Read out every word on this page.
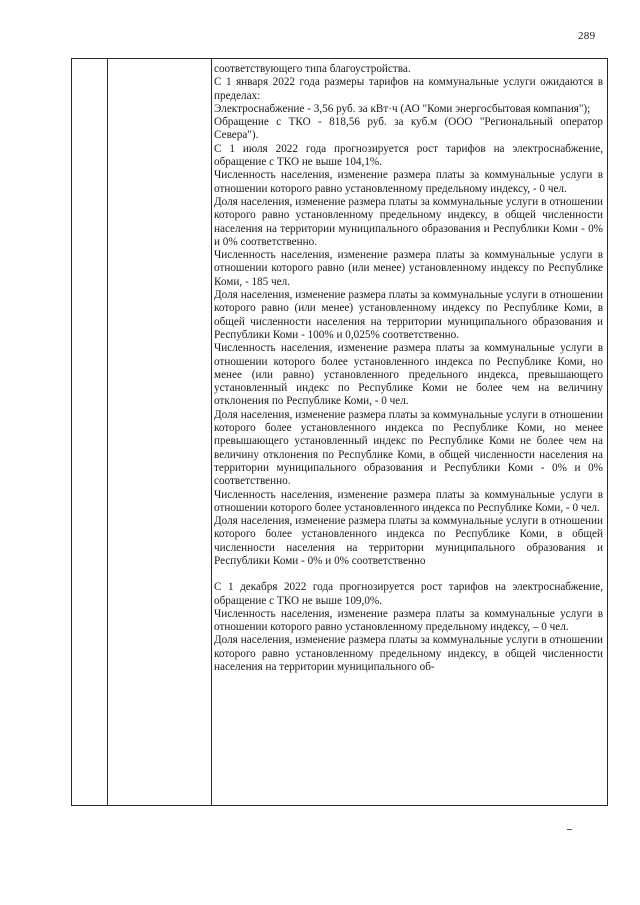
289

соответствующего типа благоустройства.

С 1 января 2022 года размеры тарифов на коммунальные услуги ожидаются в пределах:

Электроснабжение - 3,56 руб. за кВт·ч (АО "Коми энергосбытовая компания");

Обращение с ТКО - 818,56 руб. за куб.м (ООО "Региональный оператор Севера").

С 1 июля 2022 года прогнозируется рост тарифов на электроснабжение, обращение с ТКО не выше 104,1%.

Численность населения, изменение размера платы за коммунальные услуги в отношении которого равно установленному предельному индексу, - 0 чел.

Доля населения, изменение размера платы за коммунальные услуги в отношении которого равно установленному предельному индексу, в общей численности населения на территории муниципального образования и Республики Коми - 0% и 0% соответственно.

Численность населения, изменение размера платы за коммунальные услуги в отношении которого равно (или менее) установленному индексу по Республике Коми, - 185 чел.

Доля населения, изменение размера платы за коммунальные услуги в отношении которого равно (или менее) установленному индексу по Республике Коми, в общей численности населения на территории муниципального образования и Республики Коми - 100% и 0,025% соответственно.

Численность населения, изменение размера платы за коммунальные услуги в отношении которого более установленного индекса по Республике Коми, но менее (или равно) установленного предельного индекса, превышающего установленный индекс по Республике Коми не более чем на величину отклонения по Республике Коми, - 0 чел.

Доля населения, изменение размера платы за коммунальные услуги в отношении которого более установленного индекса по Республике Коми, но менее превышающего установленный индекс по Республике Коми не более чем на величину отклонения по Республике Коми, в общей численности населения на территории муниципального образования и Республики Коми - 0% и 0% соответственно.

Численность населения, изменение размера платы за коммунальные услуги в отношении которого более установленного индекса по Республике Коми, - 0 чел.

Доля населения, изменение размера платы за коммунальные услуги в отношении которого более установленного индекса по Республике Коми, в общей численности населения на территории муниципального образования и Республики Коми - 0% и 0% соответственно

С 1 декабря 2022 года прогнозируется рост тарифов на электроснабжение, обращение с ТКО не выше 109,0%.

Численность населения, изменение размера платы за коммунальные услуги в отношении которого равно установленному предельному индексу, – 0 чел.

Доля населения, изменение размера платы за коммунальные услуги в отношении которого равно установленному предельному индексу, в общей численности населения на территории муниципального об-
